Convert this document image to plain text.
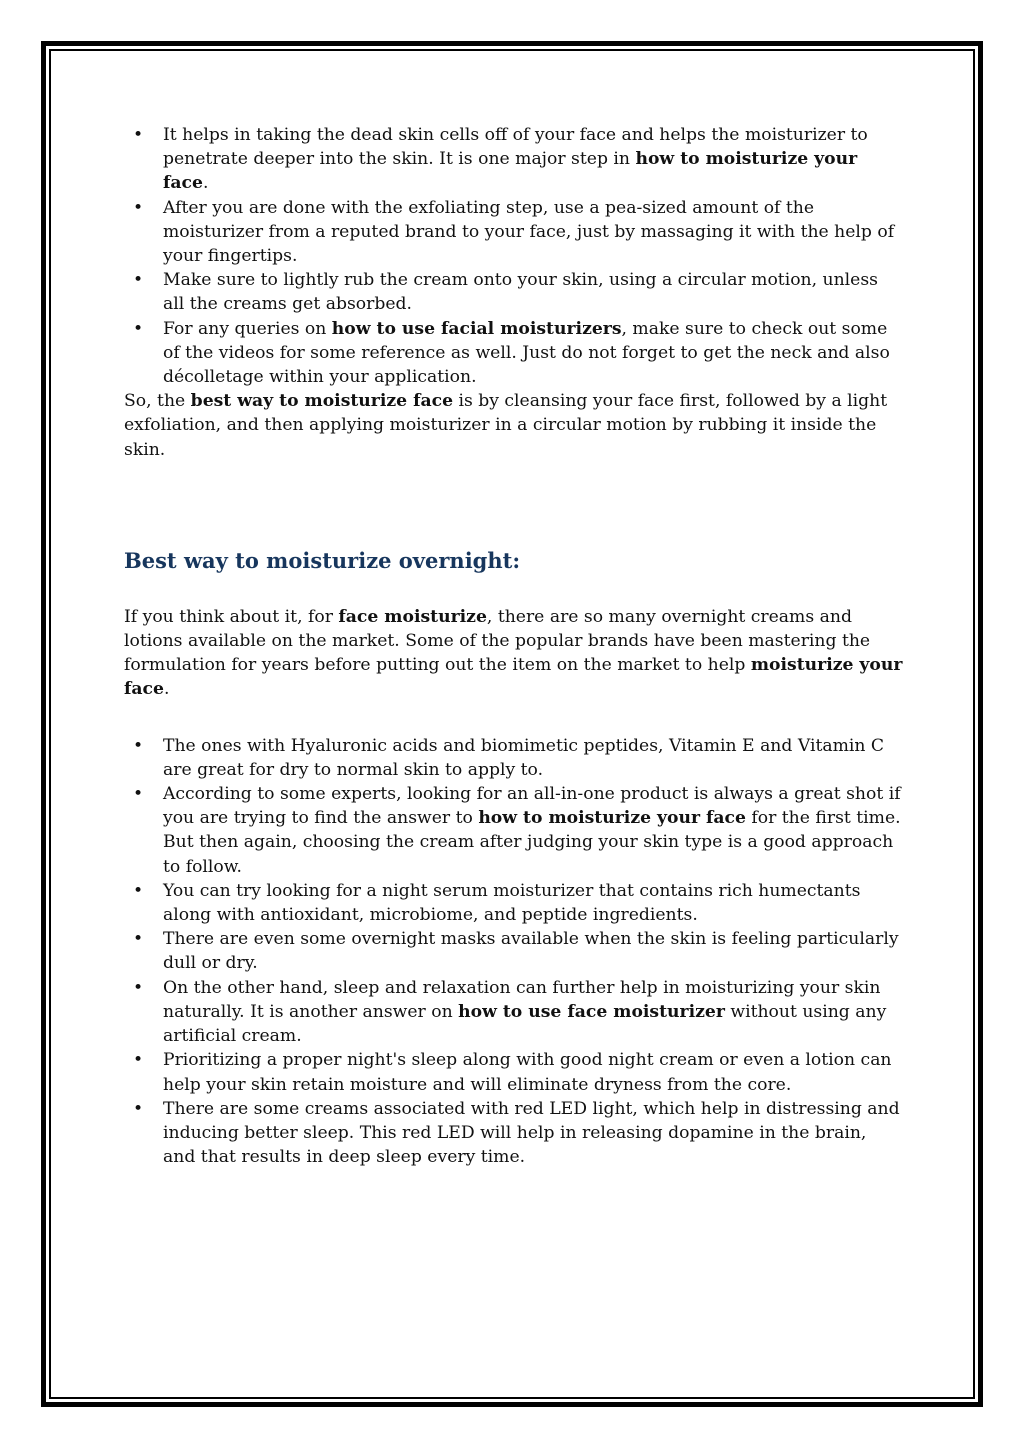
• It helps in taking the dead skin cells off of your face and helps the moisturizer to penetrate deeper into the skin. It is one major step in how to moisturize your face.
• After you are done with the exfoliating step, use a pea-sized amount of the moisturizer from a reputed brand to your face, just by massaging it with the help of your fingertips.
• Make sure to lightly rub the cream onto your skin, using a circular motion, unless all the creams get absorbed.
• For any queries on how to use facial moisturizers, make sure to check out some of the videos for some reference as well. Just do not forget to get the neck and also décolletage within your application.

So, the best way to moisturize face is by cleansing your face first, followed by a light exfoliation, and then applying moisturizer in a circular motion by rubbing it inside the skin.

Best way to moisturize overnight:

If you think about it, for face moisturize, there are so many overnight creams and lotions available on the market. Some of the popular brands have been mastering the formulation for years before putting out the item on the market to help moisturize your face.

• The ones with Hyaluronic acids and biomimetic peptides, Vitamin E and Vitamin C are great for dry to normal skin to apply to.
• According to some experts, looking for an all-in-one product is always a great shot if you are trying to find the answer to how to moisturize your face for the first time. But then again, choosing the cream after judging your skin type is a good approach to follow.
• You can try looking for a night serum moisturizer that contains rich humectants along with antioxidant, microbiome, and peptide ingredients.
• There are even some overnight masks available when the skin is feeling particularly dull or dry.
• On the other hand, sleep and relaxation can further help in moisturizing your skin naturally. It is another answer on how to use face moisturizer without using any artificial cream.
• Prioritizing a proper night's sleep along with good night cream or even a lotion can help your skin retain moisture and will eliminate dryness from the core.
• There are some creams associated with red LED light, which help in distressing and inducing better sleep. This red LED will help in releasing dopamine in the brain, and that results in deep sleep every time.
